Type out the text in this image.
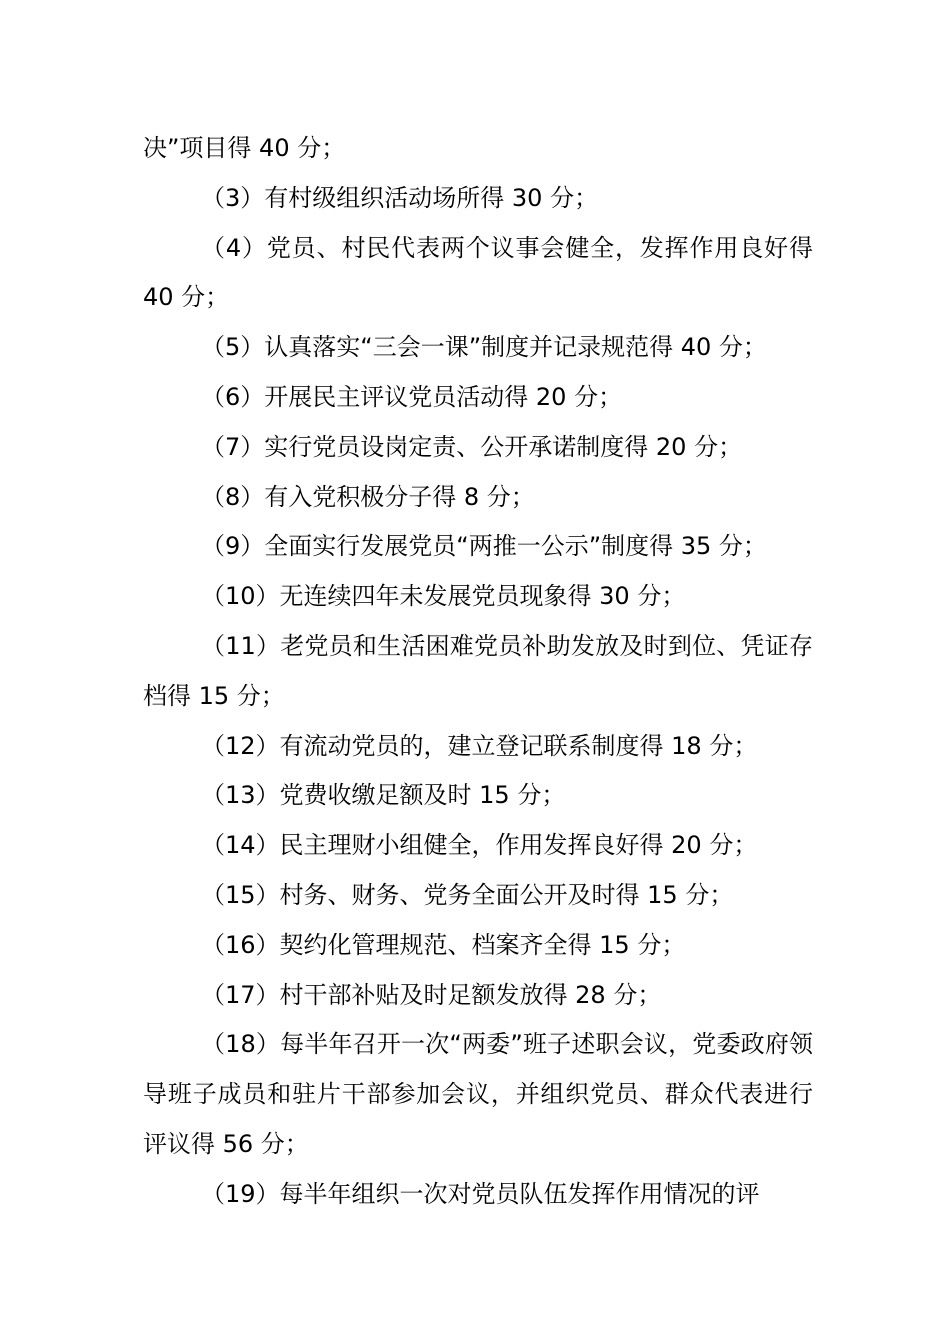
决”项目得 40 分；

（3）有村级组织活动场所得 30 分；

（4）党员、村民代表两个议事会健全，发挥作用良好得 40 分；

（5）认真落实“三会一课”制度并记录规范得 40 分；

（6）开展民主评议党员活动得 20 分；

（7）实行党员设岗定责、公开承诺制度得 20 分；

（8）有入党积极分子得 8 分；

（9）全面实行发展党员“两推一公示”制度得 35 分；

（10）无连续四年未发展党员现象得 30 分；

（11）老党员和生活困难党员补助发放及时到位、凭证存档得 15 分；

（12）有流动党员的，建立登记联系制度得 18 分；

（13）党费收缴足额及时 15 分；

（14）民主理财小组健全，作用发挥良好得 20 分；

（15）村务、财务、党务全面公开及时得 15 分；

（16）契约化管理规范、档案齐全得 15 分；

（17）村干部补贴及时足额发放得 28 分；

（18）每半年召开一次“两委”班子述职会议，党委政府领导班子成员和驻片干部参加会议，并组织党员、群众代表进行评议得 56 分；

（19）每半年组织一次对党员队伍发挥作用情况的评
